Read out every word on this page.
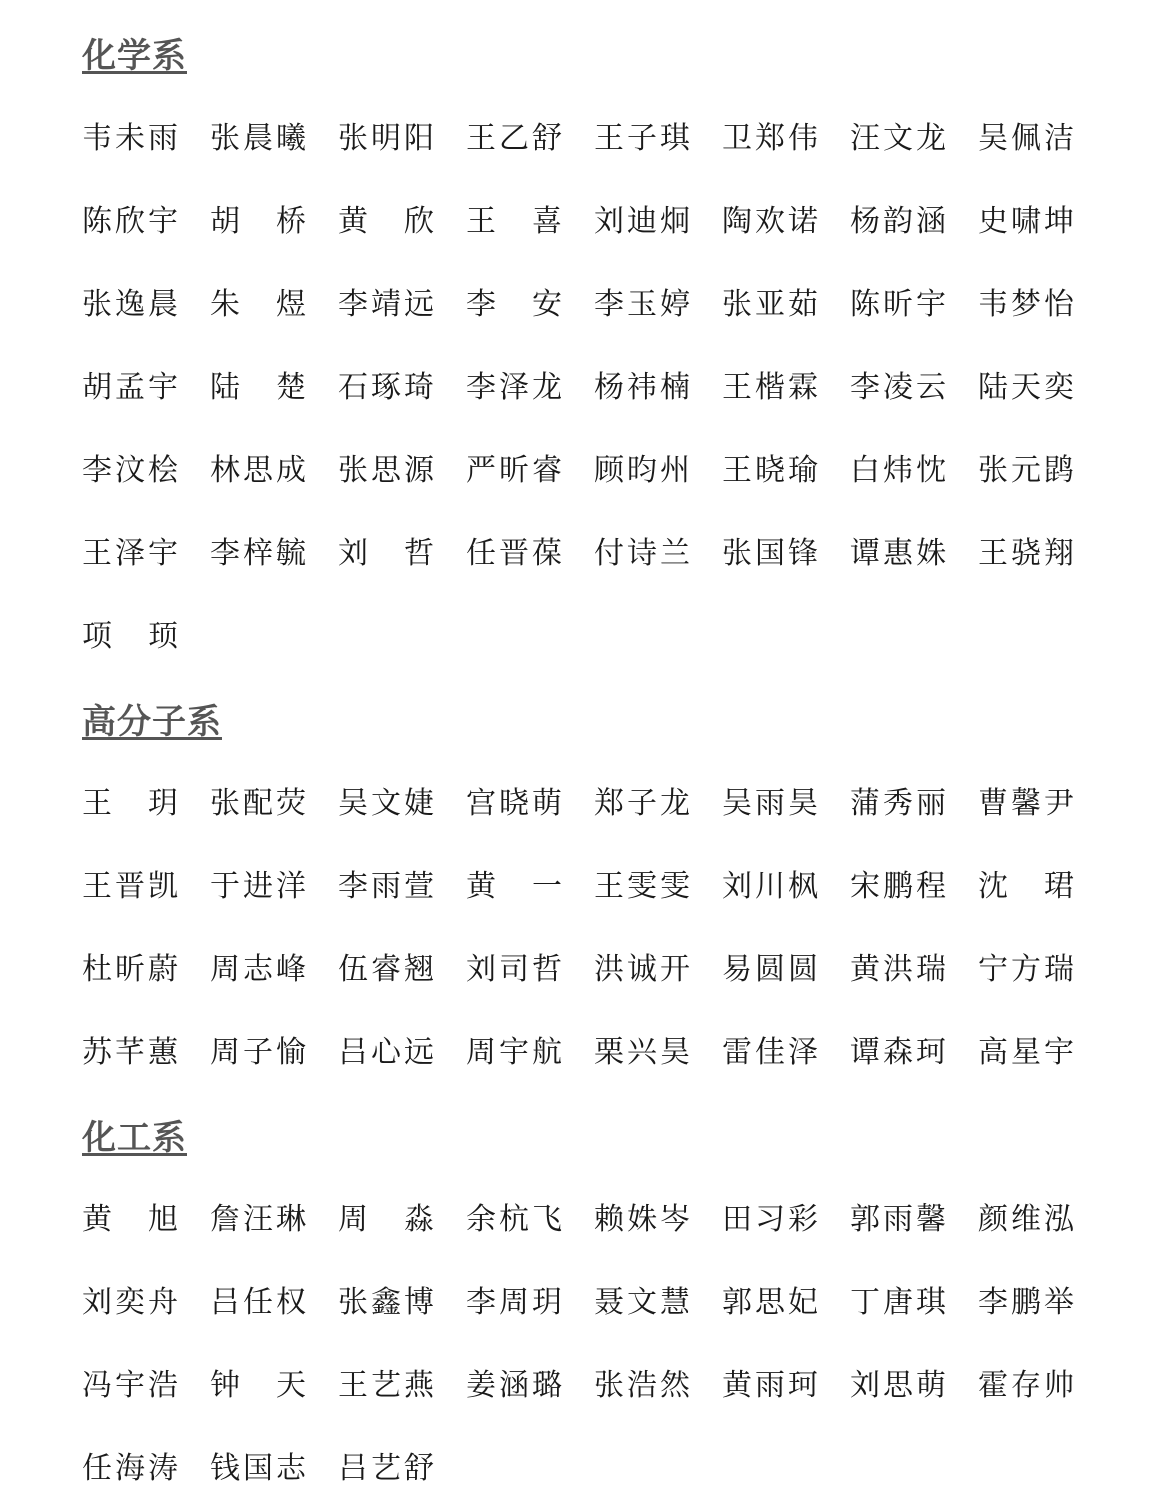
化学系
韦 未 雨 张 晨 曦 张 明 阳 王 乙 舒 王 子 琪 卫 郑 伟 汪 文 龙 吴 佩 洁
陈 欣 宇 胡 桥 黄 欣 王 喜 刘 迪 炯 陶 欢 诺 杨 韵 涵 史 啸 坤
张 逸 晨 朱 煜 李 靖 远 李 安 李 玉 婷 张 亚 茹 陈 昕 宇 韦 梦 怡
胡 孟 宇 陆 楚 石 琢 琦 李 泽 龙 杨 祎 楠 王 楷 霖 李 凌 云 陆 天 奕
李 汶 桧 林 思 成 张 思 源 严 昕 睿 顾 昀 州 王 晓 瑜 白 炜 忱 张 元 鹍
王 泽 宇 李 梓 毓 刘 哲 任 晋 葆 付 诗 兰 张 国 锋 谭 惠 姝 王 骁 翔
项 顼
高分子系
王 玥 张 配 荧 吴 文 婕 宫 晓 萌 郑 子 龙 吴 雨 昊 蒲 秀 丽 曹 馨 尹
王 晋 凯 于 进 洋 李 雨 萱 黄 一 王 雯 雯 刘 川 枫 宋 鹏 程 沈 珺
杜 昕 蔚 周 志 峰 伍 睿 翘 刘 司 哲 洪 诚 开 易 圆 圆 黄 洪 瑞 宁 方 瑞
苏 芊 蕙 周 子 愉 吕 心 远 周 宇 航 栗 兴 昊 雷 佳 泽 谭 森 珂 高 星 宇
化工系
黄 旭 詹 汪 琳 周 淼 余 杭 飞 赖 姝 岑 田 习 彩 郭 雨 馨 颜 维 泓
刘 奕 舟 吕 任 权 张 鑫 博 李 周 玥 聂 文 慧 郭 思 妃 丁 唐 琪 李 鹏 举
冯 宇 浩 钟 天 王 艺 燕 姜 涵 璐 张 浩 然 黄 雨 珂 刘 思 萌 霍 存 帅
任 海 涛 钱 国 志 吕 艺 舒
